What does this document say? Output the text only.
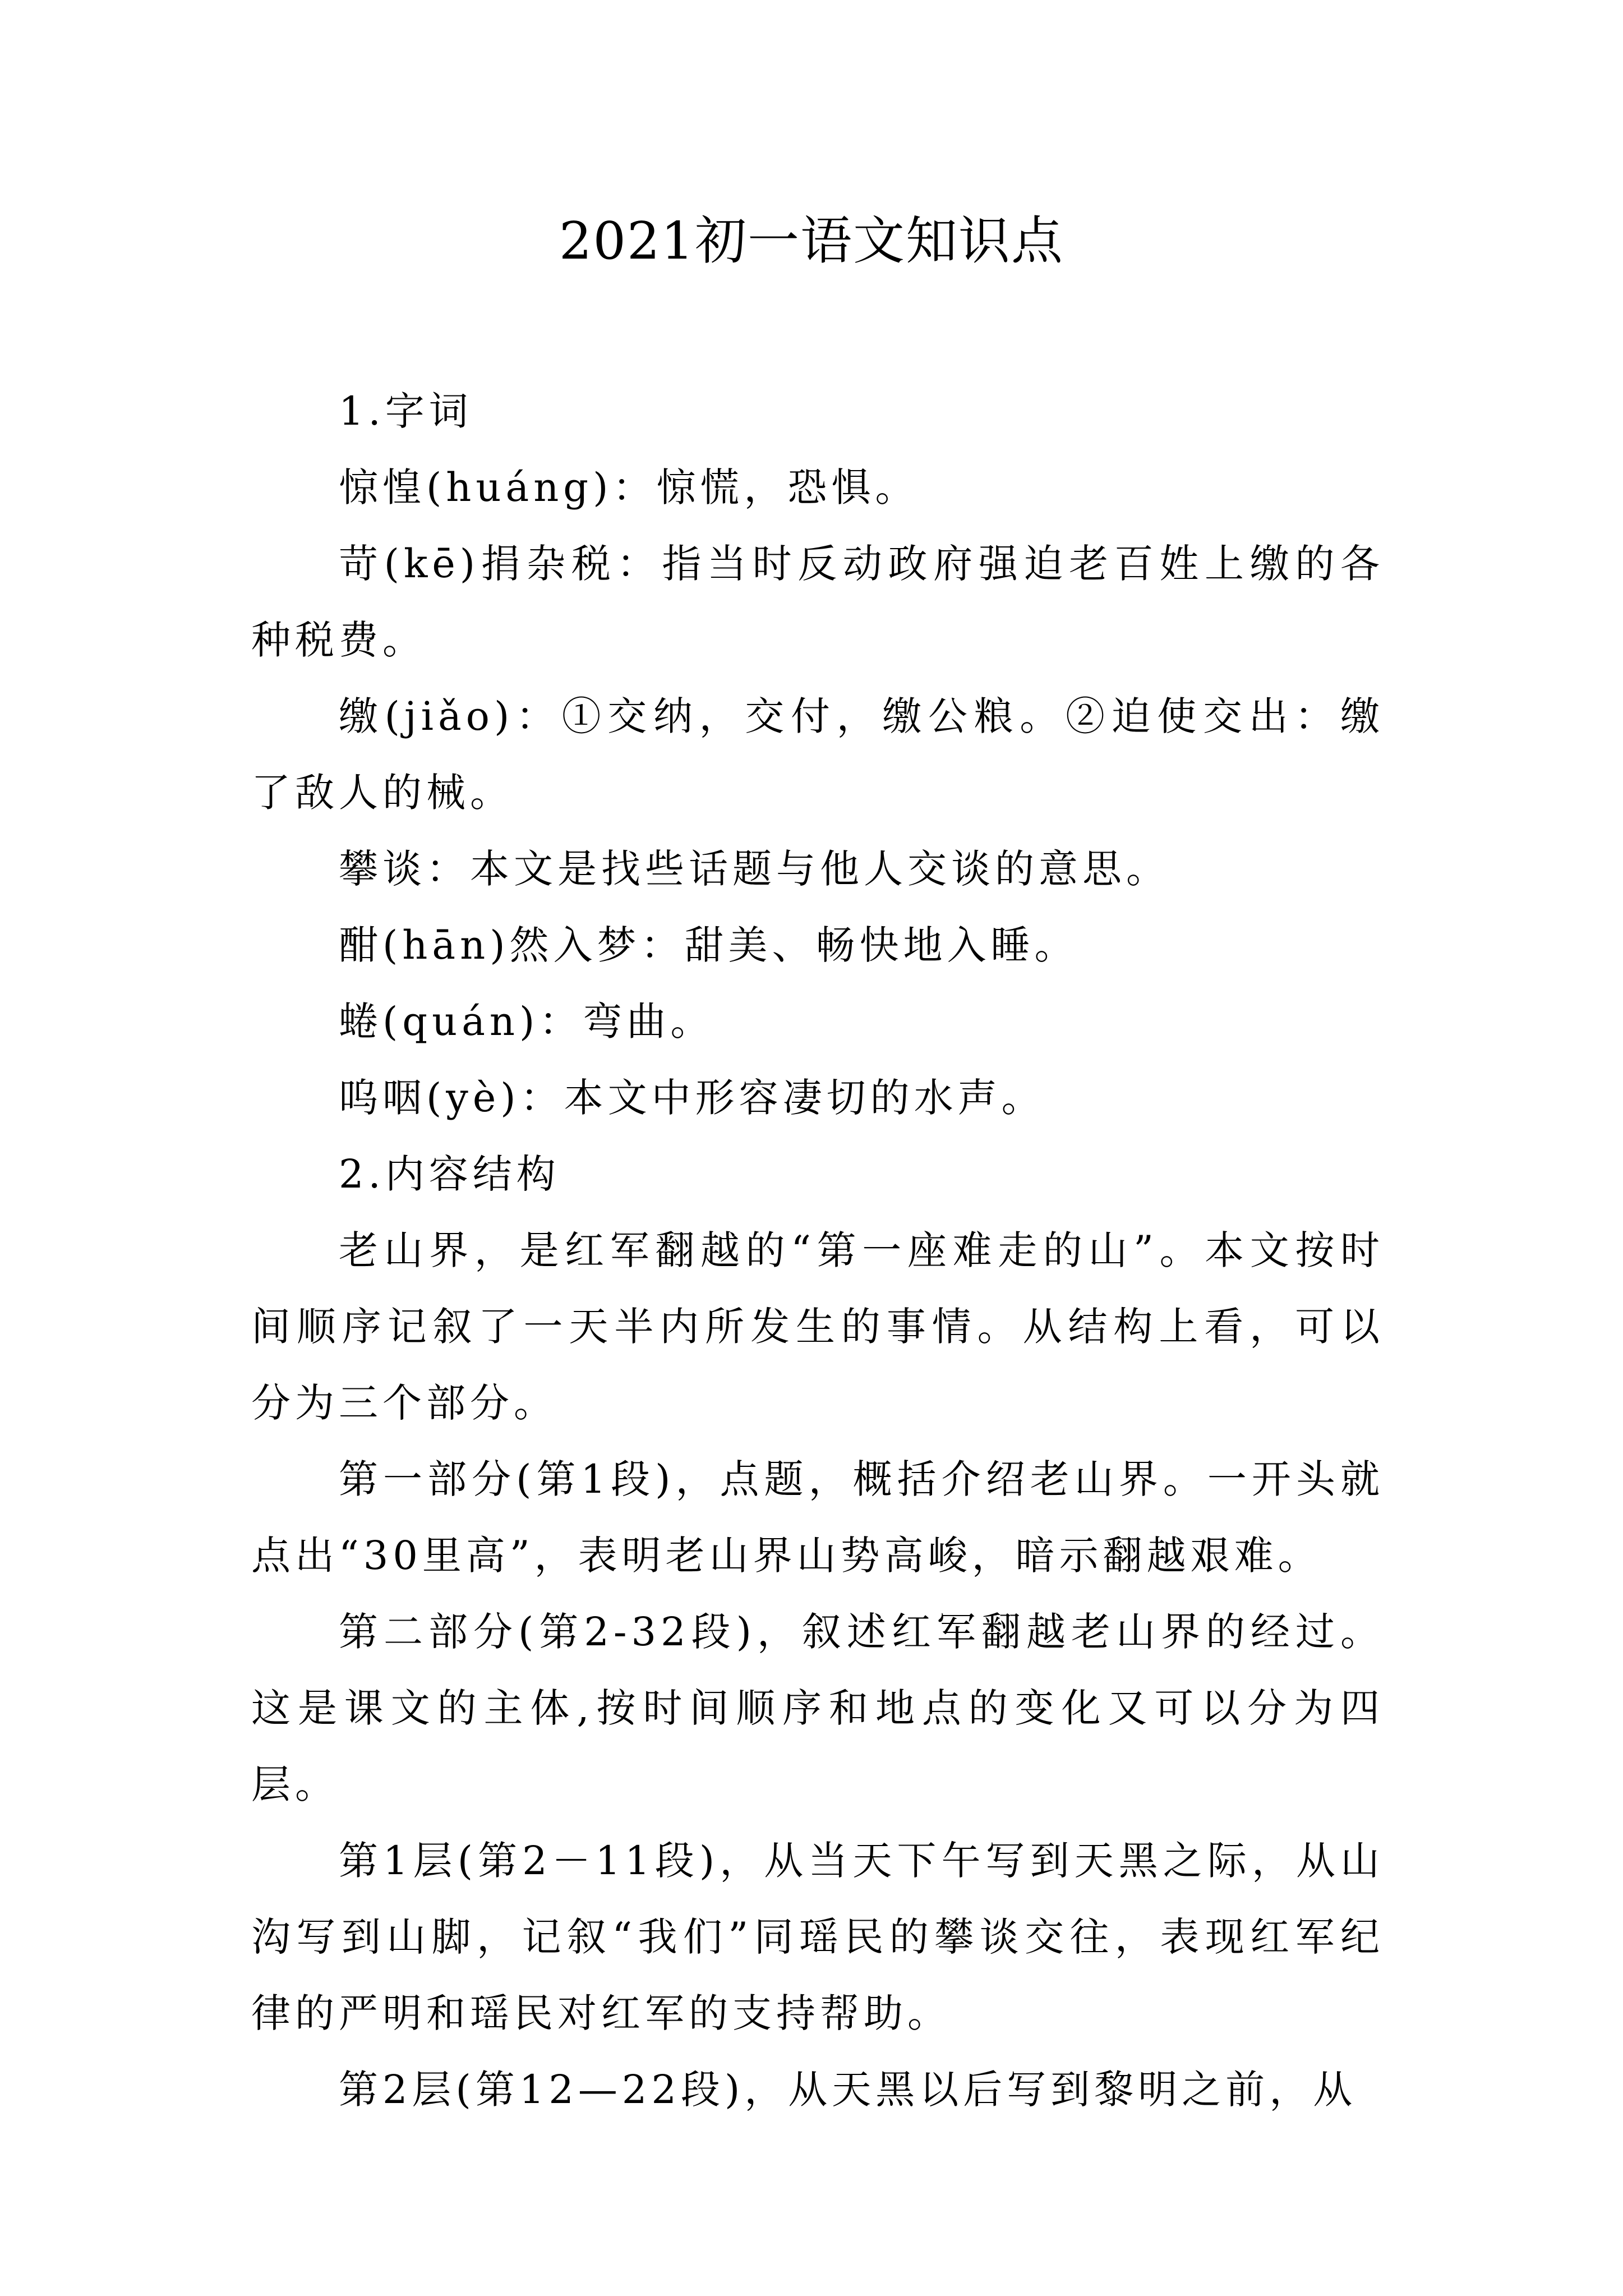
2021初一语文知识点

1.字词

惊惶(huáng)：惊慌，恐惧。

苛(kē)捐杂税：指当时反动政府强迫老百姓上缴的各种税费。

缴(jiǎo)：①交纳，交付，缴公粮。②迫使交出：缴了敌人的械。

攀谈：本文是找些话题与他人交谈的意思。

酣(hān)然入梦：甜美、畅快地入睡。

蜷(quán)：弯曲。

呜咽(yè)：本文中形容凄切的水声。

2.内容结构

老山界，是红军翻越的“第一座难走的山”。本文按时间顺序记叙了一天半内所发生的事情。从结构上看，可以分为三个部分。

第一部分(第1段)，点题，概括介绍老山界。一开头就点出“30里高”，表明老山界山势高峻，暗示翻越艰难。

第二部分(第2-32段)，叙述红军翻越老山界的经过。这是课文的主体,按时间顺序和地点的变化又可以分为四层。

第1层(第2－11段)，从当天下午写到天黑之际，从山沟写到山脚，记叙“我们”同瑶民的攀谈交往，表现红军纪律的严明和瑶民对红军的支持帮助。

第2层(第12—22段)，从天黑以后写到黎明之前，从
